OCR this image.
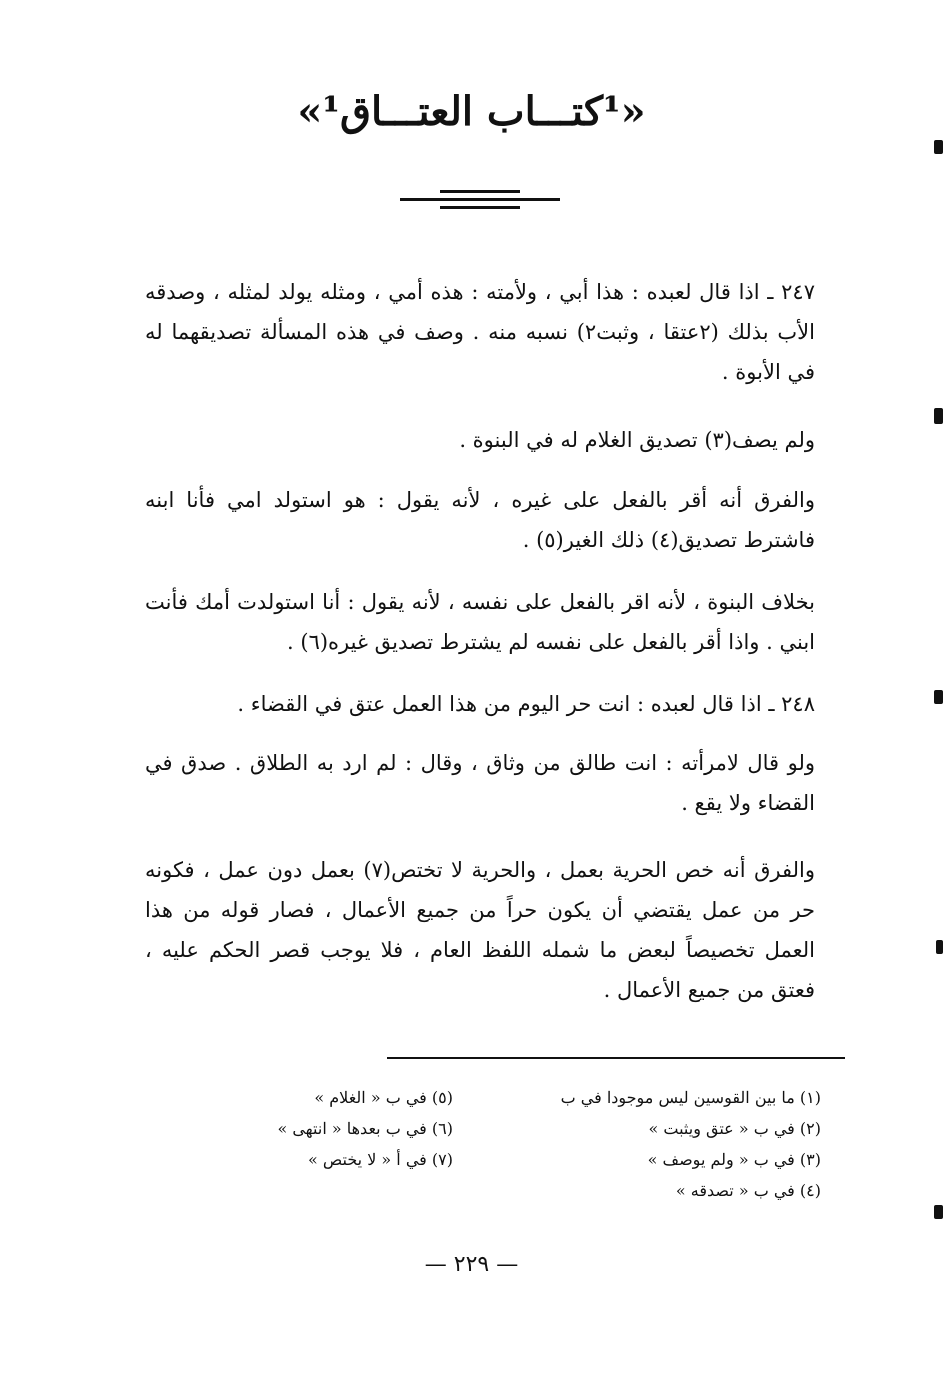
«¹كتـــاب العتـــاق¹»

٢٤٧ ـ اذا قال لعبده : هذا أبي ، ولأمته : هذه أمي ، ومثله يولد لمثله ، وصدقه الأب بذلك (٢عتقا ، وثبت٢) نسبه منه . وصف في هذه المسألة تصديقهما له في الأبوة .

ولم يصف(٣) تصديق الغلام له في البنوة .

والفرق أنه أقر بالفعل على غيره ، لأنه يقول : هو استولد امي فأنا ابنه فاشترط تصديق(٤) ذلك الغير(٥) .

بخلاف البنوة ، لأنه اقر بالفعل على نفسه ، لأنه يقول : أنا استولدت أمك فأنت ابني . واذا أقر بالفعل على نفسه لم يشترط تصديق غيره(٦) .

٢٤٨ ـ اذا قال لعبده : انت حر اليوم من هذا العمل عتق في القضاء .

ولو قال لامرأته : انت طالق من وثاق ، وقال : لم ارد به الطلاق . صدق في القضاء ولا يقع .

والفرق أنه خص الحرية بعمل ، والحرية لا تختص(٧) بعمل دون عمل ، فكونه حر من عمل يقتضي أن يكون حراً من جميع الأعمال ، فصار قوله من هذا العمل تخصيصاً لبعض ما شمله اللفظ العام ، فلا يوجب قصر الحكم عليه ، فعتق من جميع الأعمال .

(١) ما بين القوسين ليس موجودا في ب
(٢) في ب « عتق ويثبت »
(٣) في ب « ولم يوصف »
(٤) في ب « تصدقه »
(٥) في ب « الغلام »
(٦) في ب بعدها « انتهى »
(٧) في أ « لا يختص »
— ٢٢٩ —
